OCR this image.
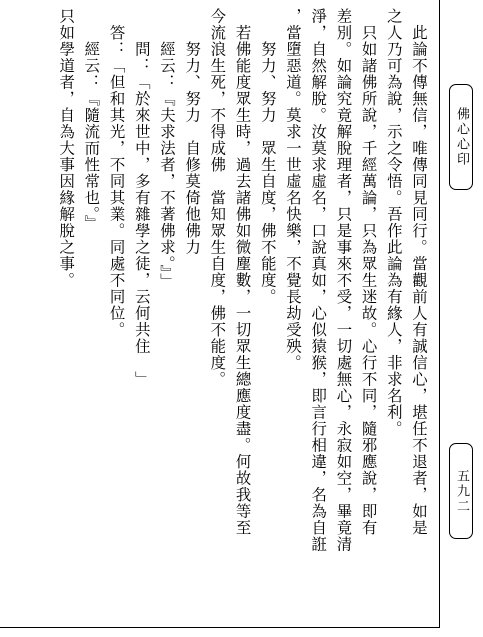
佛心心印
五九二
　此論不傳無信，唯傳同見同行。當觀前人有誠信心，堪任不退者，如是
之人乃可為說，示之令悟。吾作此論為有緣人，非求名利。
　只如諸佛所說，千經萬論，只為眾生迷故。心行不同，隨邪應說，即有
差別。如論究竟解脫理者，只是事來不受，一切處無心，永寂如空，畢竟清
淨，自然解脫。汝莫求虛名，口說真如，心似猿猴，即言行相違，名為自誑
，當墮惡道。莫求一世虛名快樂，不覺長劫受殃。
　　努力、努力　眾生自度，佛不能度。
　若佛能度眾生時，過去諸佛如微塵數，一切眾生總應度盡。何故我等至
今流浪生死，不得成佛　當知眾生自度，佛不能度。
　　努力、努力　自修莫倚他佛力
　　經云：『夫求法者，不著佛求。』」
　　問：「於來世中，多有雜學之徒，云何共住　」
　答：「但和其光，不同其業。同處不同位。
　　經云：『隨流而性常也。』
只如學道者，自為大事因緣解脫之事。
